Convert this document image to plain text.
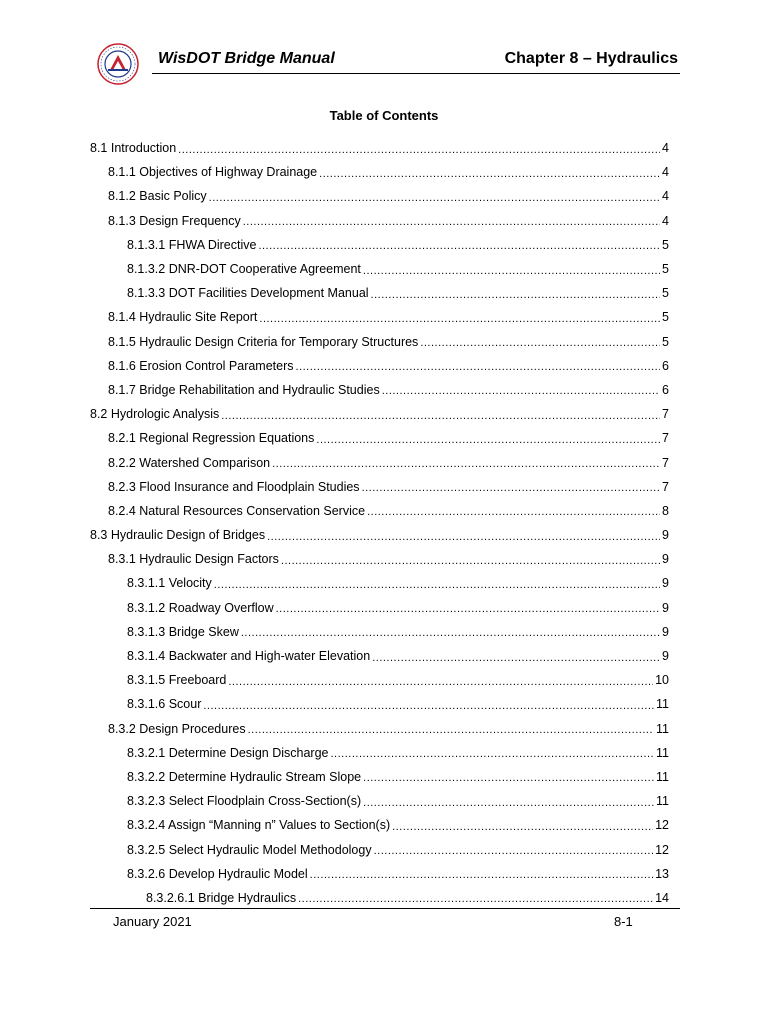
WisDOT Bridge Manual	Chapter 8 – Hydraulics
Table of Contents
8.1 Introduction .....	4
8.1.1 Objectives of Highway Drainage .....	4
8.1.2 Basic Policy .....	4
8.1.3 Design Frequency .....	4
8.1.3.1 FHWA Directive .....	5
8.1.3.2 DNR-DOT Cooperative Agreement .....	5
8.1.3.3 DOT Facilities Development Manual .....	5
8.1.4 Hydraulic Site Report .....	5
8.1.5 Hydraulic Design Criteria for Temporary Structures .....	5
8.1.6 Erosion Control Parameters .....	6
8.1.7 Bridge Rehabilitation and Hydraulic Studies .....	6
8.2 Hydrologic Analysis .....	7
8.2.1 Regional Regression Equations .....	7
8.2.2 Watershed Comparison .....	7
8.2.3 Flood Insurance and Floodplain Studies .....	7
8.2.4 Natural Resources Conservation Service .....	8
8.3 Hydraulic Design of Bridges .....	9
8.3.1 Hydraulic Design Factors .....	9
8.3.1.1 Velocity .....	9
8.3.1.2 Roadway Overflow .....	9
8.3.1.3 Bridge Skew .....	9
8.3.1.4 Backwater and High-water Elevation .....	9
8.3.1.5 Freeboard .....	10
8.3.1.6 Scour .....	11
8.3.2 Design Procedures .....	11
8.3.2.1 Determine Design Discharge .....	11
8.3.2.2 Determine Hydraulic Stream Slope .....	11
8.3.2.3 Select Floodplain Cross-Section(s) .....	11
8.3.2.4 Assign “Manning n” Values to Section(s) .....	12
8.3.2.5 Select Hydraulic Model Methodology .....	12
8.3.2.6 Develop Hydraulic Model .....	13
8.3.2.6.1 Bridge Hydraulics .....	14
January 2021	8-1
